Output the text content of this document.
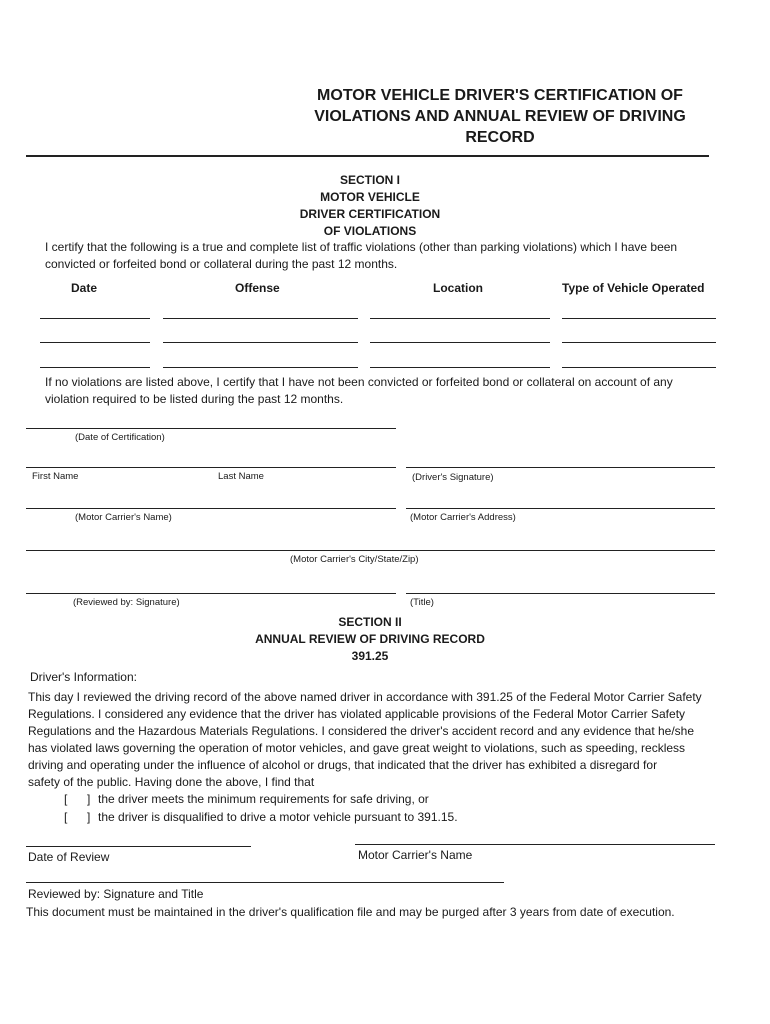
MOTOR VEHICLE DRIVER'S CERTIFICATION OF
VIOLATIONS AND ANNUAL REVIEW OF DRIVING
RECORD
SECTION I
MOTOR VEHICLE
DRIVER CERTIFICATION
OF VIOLATIONS
I certify that the following is a true and complete list of traffic violations (other than parking violations) which I have been
convicted or forfeited bond or collateral during the past 12 months.
Date	Offense	Location	Type of Vehicle Operated
If no violations are listed above, I certify that I have not been convicted or forfeited bond or collateral on account of any
violation required to be listed during the past 12 months.
(Date of Certification)
First Name	Last Name	(Driver's Signature)
(Motor Carrier's Name)	(Motor Carrier's Address)
(Motor Carrier's City/State/Zip)
(Reviewed by: Signature)	(Title)
SECTION II
ANNUAL REVIEW OF DRIVING RECORD
391.25
Driver's Information:
This day I reviewed the driving record of the above named driver in accordance with 391.25 of the Federal Motor Carrier Safety
Regulations. I considered any evidence that the driver has violated applicable provisions of the Federal Motor Carrier Safety
Regulations and the Hazardous Materials Regulations. I considered the driver's accident record and any evidence that he/she
has violated laws governing the operation of motor vehicles, and gave great weight to violations, such as speeding, reckless
driving and operating under the influence of alcohol or drugs, that indicated that the driver has exhibited a disregard for
safety of the public. Having done the above, I find that
[ ] the driver meets the minimum requirements for safe driving, or
[ ] the driver is disqualified to drive a motor vehicle pursuant to 391.15.
Date of Review	Motor Carrier's Name
Reviewed by: Signature and Title
This document must be maintained in the driver's qualification file and may be purged after 3 years from date of execution.
